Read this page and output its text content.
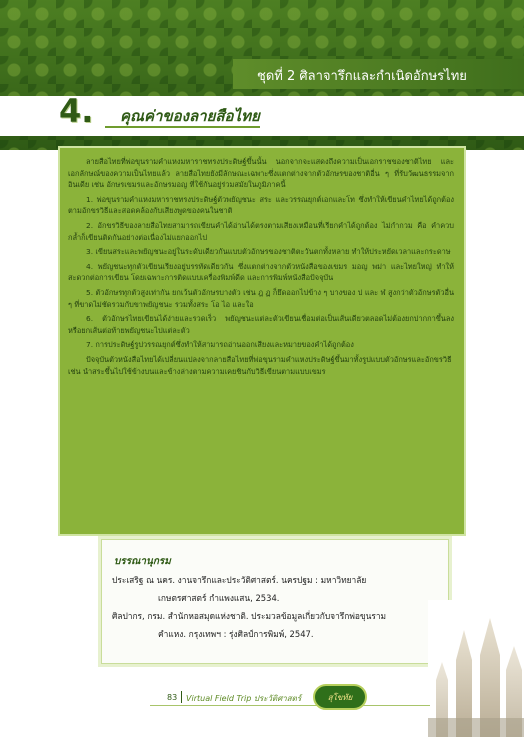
ชุดที่ 2 ศิลาจารึกและกำเนิดอักษรไทย
4. คุณค่าของลายสือไทย

ลายสือไทยที่พ่อขุนรามคำแหงมหาราชทรงประดิษฐ์ขึ้นนั้น นอกจากจะแสดงถึงความเป็นเอกราชของชาติไทย และเอกลักษณ์ของความเป็นไทยแล้ว ลายสือไทยยังมีลักษณะเฉพาะซึ่งแตกต่างจากตัวอักษรของชาติอื่น ๆ ที่รับวัฒนธรรมจากอินเดีย เช่น อักษรเขมรและอักษรมอญ ที่ใช้กันอยู่ร่วมสมัยในภูมิภาคนี้

1. พ่อขุนรามคำแหงมหาราชทรงประดิษฐ์ตัวพยัญชนะ สระ และวรรณยุกต์เอกและโท ซึ่งทำให้เขียนคำไทยได้ถูกต้องตามอักขรวิธีและสอดคล้องกับเสียงพูดของคนในชาติ

2. อักขรวิธีของลายสือไทยสามารถเขียนคำได้อ่านได้ตรงตามเสียงเหมือนที่เรียกคำได้ถูกต้อง ไม่กำกวม คือ คำควบกล้ำก็เขียนติดกันอย่างต่อเนื่องไม่แยกออกไป

3. เขียนสระและพยัญชนะอยู่ในระดับเดียวกันแบบตัวอักษรของชาติตะวันตกทั้งหลาย ทำให้ประหยัดเวลาและกระดาษ

4. พยัญชนะทุกตัวเขียนเรียงอยู่บรรทัดเดียวกัน ซึ่งแตกต่างจากตัวหนังสือของเขมร มอญ พม่า และไทยใหญ่ ทำให้สะดวกต่อการเขียน โดยเฉพาะการติดแบบเครื่องพิมพ์ดีด และการพิมพ์หนังสือปัจจุบัน

5. ตัวอักษรทุกตัวสูงเท่ากัน ยกเว้นตัวอักษรบางตัว เช่น ฎ ฏ ก็ยึดออกไปข้าง ๆ บางของ ป และ ฬ สูงกว่าตัวอักษรตัวอื่น ๆ ที่ขาดไม่ชัดรวมกับขาพยัญชนะ รวมทั้งสระ โอ ไอ และใอ

6. ตัวอักษรไทยเขียนได้ง่ายและรวดเร็ว พยัญชนะแต่ละตัวเขียนเชื่อมต่อเป็นเส้นเดียวตลอดไม่ต้องยกปากกาขึ้นลง หรือยกเส้นต่อท้ายพยัญชนะไปแต่ละตัว

7. การประดิษฐ์รูปวรรณยุกต์ซึ่งทำให้สามารถอ่านออกเสียงและหมายของคำได้ถูกต้อง

ปัจจุบันตัวหนังสือไทยได้เปลี่ยนแปลงจากลายสือไทยที่พ่อขุนรามคำแหงประดิษฐ์ขึ้นมาทั้งรูปแบบตัวอักษรและอักขรวิธี เช่น นำสระขึ้นไปใช้ข้างบนและข้างล่างตามความเคยชินกับวิธีเขียนตามแบบเขมร

บรรณานุกรม
ประเสริฐ ณ นคร. งานจารึกและประวัติศาสตร์. นครปฐม : มหาวิทยาลัย
เกษตรศาสตร์ กำแพงแสน, 2534.
ศิลปากร, กรม. สำนักหอสมุดแห่งชาติ. ประมวลข้อมูลเกี่ยวกับจารึกพ่อขุนราม
คำแหง. กรุงเทพฯ : รุ่งศิลป์การพิมพ์, 2547.
83 Virtual Field Trip ประวัติศาสตร์	สุโขทัย
